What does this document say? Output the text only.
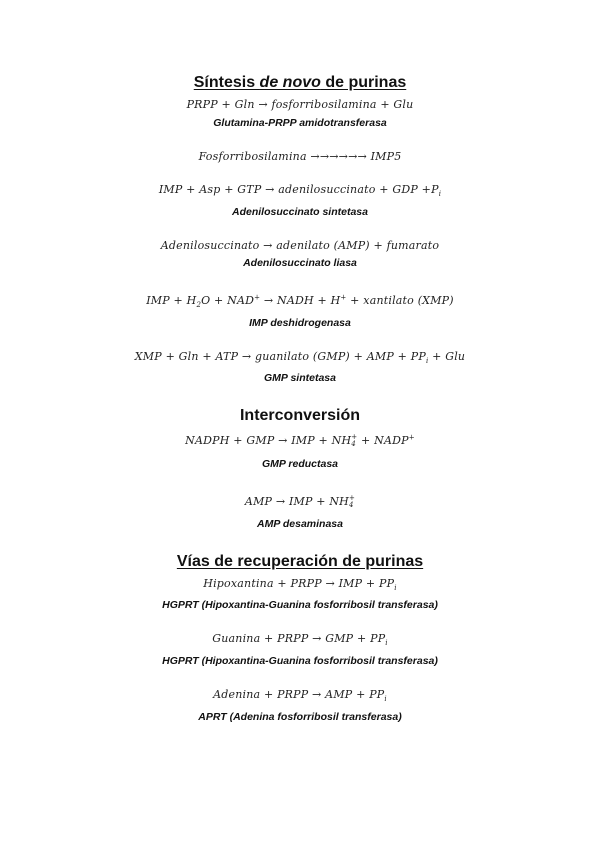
Síntesis de novo de purinas
PRPP + Gln → fosforribosilamina + Glu
Glutamina-PRPP amidotransferasa
Fosforribosilamina →→→→→→ IMP5
IMP + Asp + GTP → adenilosuccinato + GDP $+P_i$
Adenilosuccinato sintetasa
Adenilosuccinato → adenilato (AMP) + fumarato
Adenilosuccinato liasa
IMP + $H_2O + NAD^+$ → NADH + H+ + xantilato (XMP)
IMP deshidrogenasa
XMP + Gln + ATP → guanilato (GMP) + AMP + $PP_i$ + Glu
GMP sintetasa
Interconversión
NADPH + GMP → IMP + NH +
4 + NADP+
GMP reductasa
AMP → IMP + NH +
4
AMP desaminasa
Vías de recuperación de purinas
Hipoxantina + PRPP → IMP + $PP_i$
HGPRT (Hipoxantina-Guanina fosforribosil transferasa)
Guanina + PRPP → GMP + $PP_i$
HGPRT (Hipoxantina-Guanina fosforribosil transferasa)
Adenina + PRPP → AMP + $PP_i$
APRT (Adenina fosforribosil transferasa)
